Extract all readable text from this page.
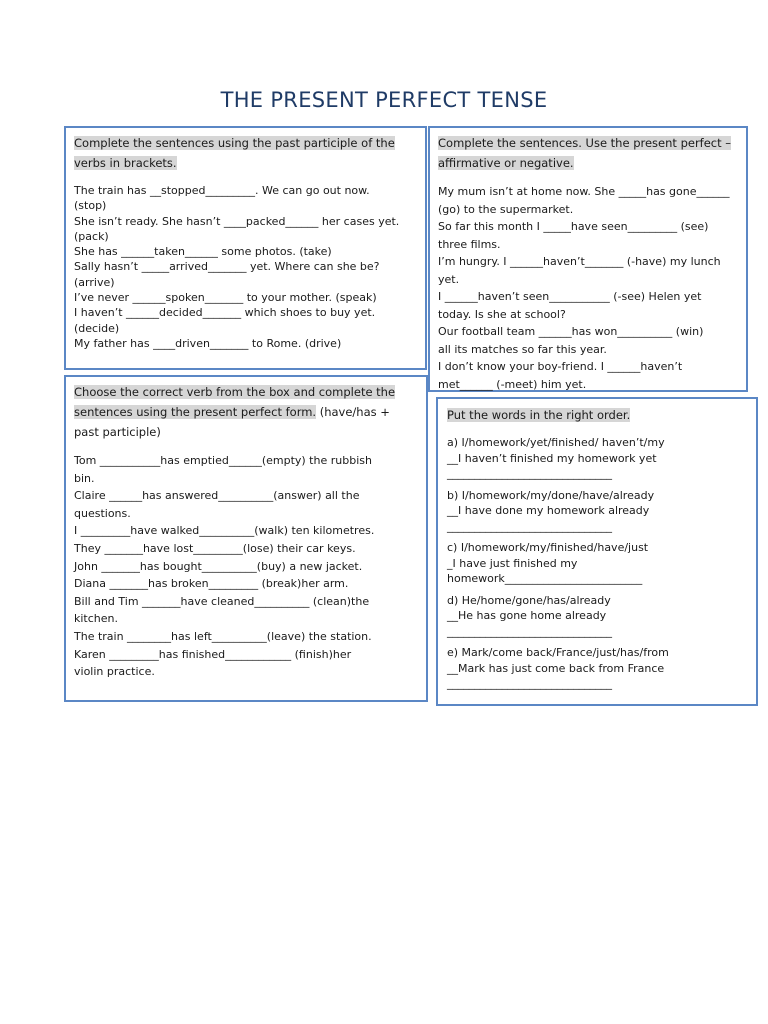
THE PRESENT PERFECT TENSE

Complete the sentences using the past participle of the verbs in brackets.

The train has __stopped_________. We can go out now.
(stop)
She isn’t ready. She hasn’t ____packed______ her cases yet.
(pack)
She has ______taken______ some photos. (take)
Sally hasn’t _____arrived_______ yet. Where can she be?
(arrive)
I’ve never ______spoken_______ to your mother. (speak)
I haven’t ______decided_______ which shoes to buy yet.
(decide)
My father has ____driven_______ to Rome. (drive)

Complete the sentences. Use the present perfect – affirmative or negative.

My mum isn’t at home now. She _____has gone______
(go) to the supermarket.
So far this month I _____have seen_________ (see)
three films.
I’m hungry. I ______haven’t_______ (-have) my lunch
yet.
I ______haven’t seen___________ (-see) Helen yet
today. Is she at school?
Our football team ______has won__________ (win)
all its matches so far this year.
I don’t know your boy-friend. I ______haven’t
met______ (-meet) him yet.

Choose the correct verb from the box and complete the sentences using the present perfect form. (have/has + past participle)

Tom ___________has emptied______(empty) the rubbish
bin.
Claire ______has answered__________(answer) all the
questions.
I _________have walked__________(walk) ten kilometres.
They _______have lost_________(lose) their car keys.
John _______has bought__________(buy) a new jacket.
Diana _______has broken_________ (break)her arm.
Bill and Tim _______have cleaned__________ (clean)the
kitchen.
The train ________has left__________(leave) the station.
Karen _________has finished____________ (finish)her
violin practice.

Put the words in the right order.

a) I/homework/yet/finished/ haven’t/my
__I haven’t finished my homework yet
______________________________
b) I/homework/my/done/have/already
__I have done my homework already
______________________________
c) I/homework/my/finished/have/just
_I have just finished my
homework_________________________
d) He/home/gone/has/already
__He has gone home already
______________________________
e) Mark/come back/France/just/has/from
__Mark has just come back from France
______________________________
